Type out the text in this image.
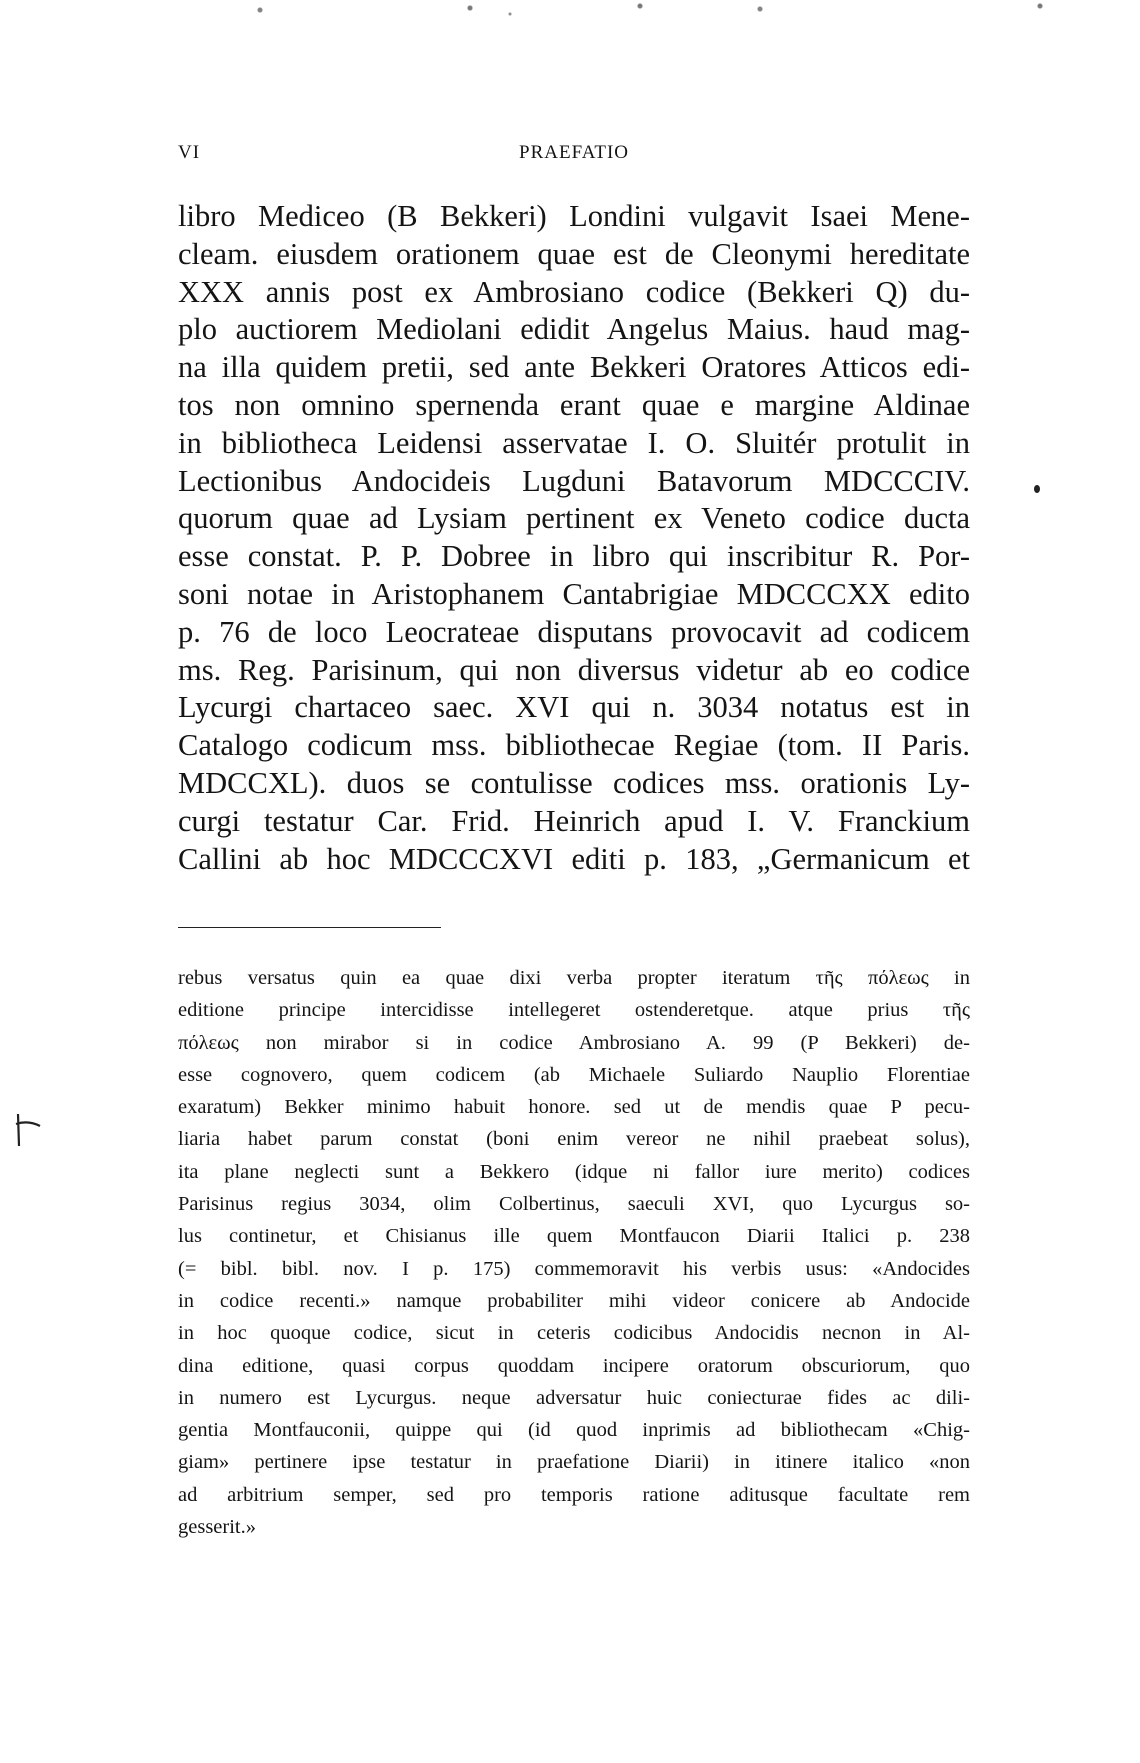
VI	PRAEFATIO
libro Mediceo (B Bekkeri) Londini vulgavit Isaei Mene-
cleam. eiusdem orationem quae est de Cleonymi hereditate
XXX annis post ex Ambrosiano codice (Bekkeri Q) du-
plo auctiorem Mediolani edidit Angelus Maius. haud mag-
na illa quidem pretii, sed ante Bekkeri Oratores Atticos edi-
tos non omnino spernenda erant quae e margine Aldinae
in bibliotheca Leidensi asservatae I. O. Sluitér protulit in
Lectionibus Andocideis Lugduni Batavorum MDCCCIV.
quorum quae ad Lysiam pertinent ex Veneto codice ducta
esse constat. P. P. Dobree in libro qui inscribitur R. Por-
soni notae in Aristophanem Cantabrigiae MDCCCXX edito
p. 76 de loco Leocrateae disputans provocavit ad codicem
ms. Reg. Parisinum, qui non diversus videtur ab eo codice
Lycurgi chartaceo saec. XVI qui n. 3034 notatus est in
Catalogo codicum mss. bibliothecae Regiae (tom. II Paris.
MDCCXL). duos se contulisse codices mss. orationis Ly-
curgi testatur Car. Frid. Heinrich apud I. V. Franckium
Callini ab hoc MDCCCXVI editi p. 183, „Germanicum et
rebus versatus quin ea quae dixi verba propter iteratum τῆς πόλεως in
editione principe intercidisse intellegeret ostenderetque. atque prius τῆς
πόλεως non mirabor si in codice Ambrosiano A. 99 (P Bekkeri) de-
esse cognovero, quem codicem (ab Michaele Suliardo Nauplio Florentiae
exaratum) Bekker minimo habuit honore. sed ut de mendis quae P pecu-
liaria habet parum constat (boni enim vereor ne nihil praebeat solus),
ita plane neglecti sunt a Bekkero (idque ni fallor iure merito) codices
Parisinus regius 3034, olim Colbertinus, saeculi XVI, quo Lycurgus so-
lus continetur, et Chisianus ille quem Montfaucon Diarii Italici p. 238
(= bibl. bibl. nov. I p. 175) commemoravit his verbis usus: «Andocides
in codice recenti.» namque probabiliter mihi videor conicere ab Andocide
in hoc quoque codice, sicut in ceteris codicibus Andocidis necnon in Al-
dina editione, quasi corpus quoddam incipere oratorum obscuriorum, quo
in numero est Lycurgus. neque adversatur huic coniecturae fides ac dili-
gentia Montfauconii, quippe qui (id quod inprimis ad bibliothecam «Chig-
giam» pertinere ipse testatur in praefatione Diarii) in itinere italico «non
ad arbitrium semper, sed pro temporis ratione aditusque facultate rem
gesserit.»
